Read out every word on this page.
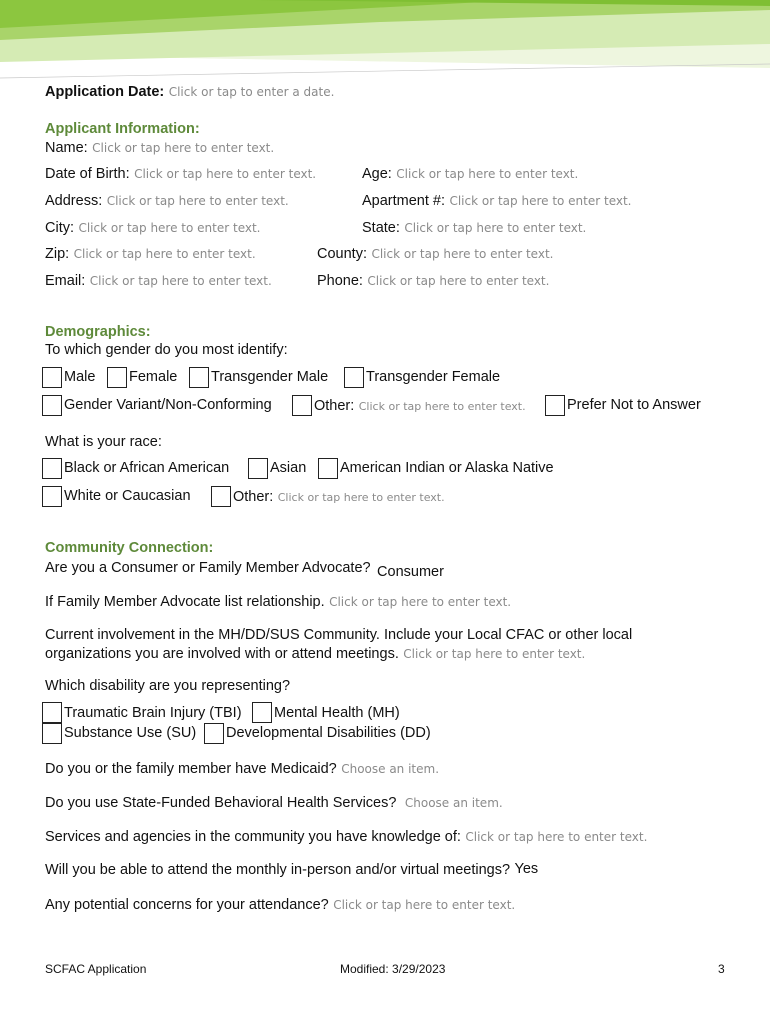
Application Date: Click or tap to enter a date.
Applicant Information:
Name: Click or tap here to enter text.
Date of Birth: Click or tap here to enter text.	Age: Click or tap here to enter text.
Address: Click or tap here to enter text.	Apartment #: Click or tap here to enter text.
City: Click or tap here to enter text.	State: Click or tap here to enter text.
Zip: Click or tap here to enter text.	County: Click or tap here to enter text.
Email: Click or tap here to enter text.	Phone: Click or tap here to enter text.
Demographics:
To which gender do you most identify:
Male Female Transgender Male	Transgender Female
Gender Variant/Non-Conforming	Other: Click or tap here to enter text.	Prefer Not to Answer
What is your race:
Black or African American	Asian American Indian or Alaska Native
White or Caucasian	Other: Click or tap here to enter text.
Community Connection:
Are you a Consumer or Family Member Advocate? Consumer
If Family Member Advocate list relationship. Click or tap here to enter text.
Current involvement in the MH/DD/SUS Community. Include your Local CFAC or other local
organizations you are involved with or attend meetings. Click or tap here to enter text.
Which disability are you representing?
Traumatic Brain Injury (TBI) Mental Health (MH)
Substance Use (SU) Developmental Disabilities (DD)
Do you or the family member have Medicaid? Choose an item.
Do you use State-Funded Behavioral Health Services? Choose an item.
Services and agencies in the community you have knowledge of: Click or tap here to enter text.
Will you be able to attend the monthly in-person and/or virtual meetings? Yes
Any potential concerns for your attendance? Click or tap here to enter text.
SCFAC Application	Modified: 3/29/2023	3
